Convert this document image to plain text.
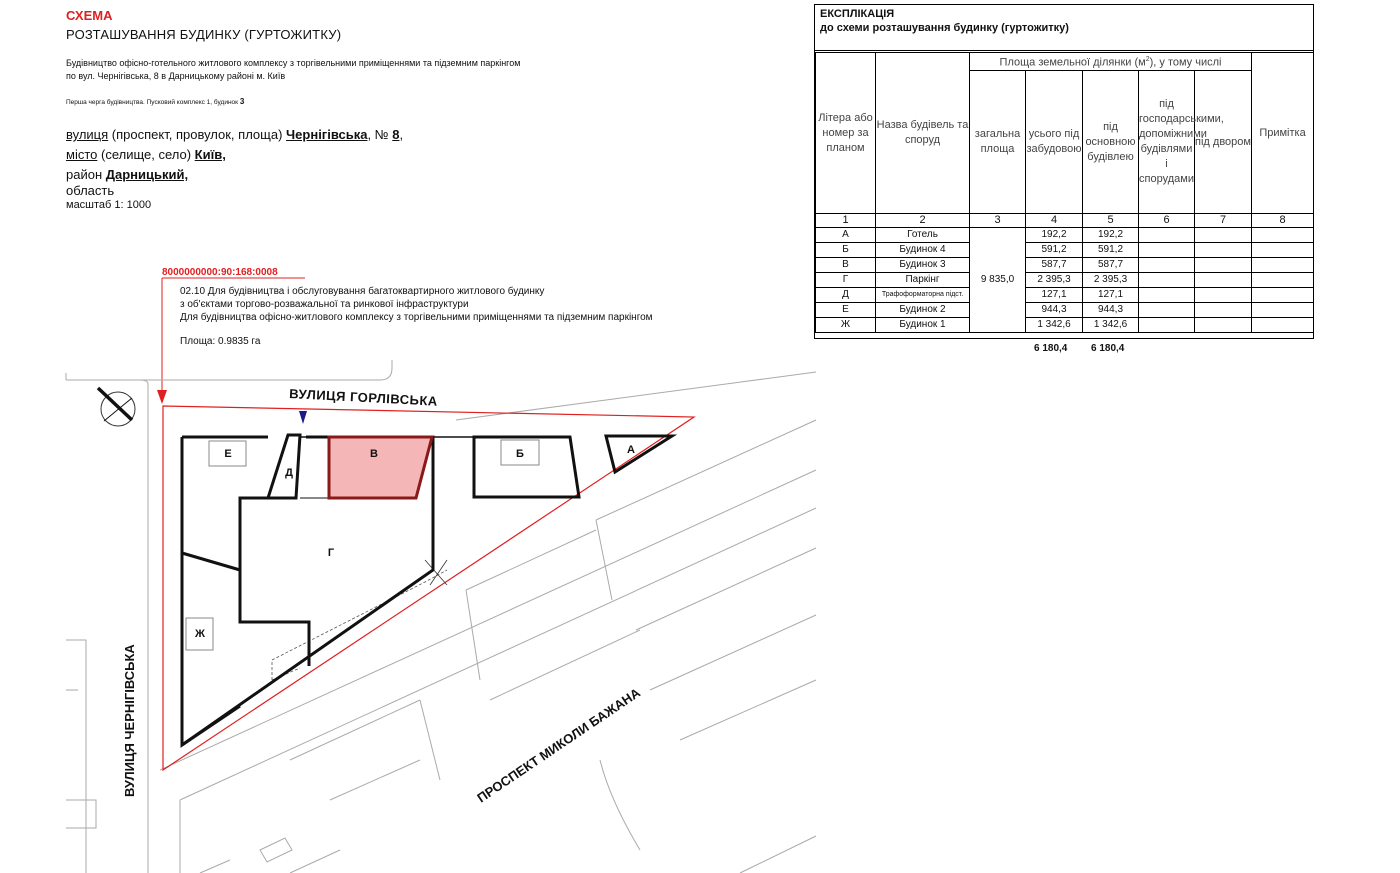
СХЕМА
РОЗТАШУВАННЯ БУДИНКУ (ГУРТОЖИТКУ)
Будівництво офісно-готельного житлового комплексу з торгівельними приміщеннями та підземним паркінгом
по вул. Чернігівська, 8 в Дарницькому районі м. Київ
Перша черга будівництва. Пусковий комплекс 1, будинок 3
вулиця (проспект, провулок, площа) Чернігівська, № 8,
місто (селище, село) Київ,
район Дарницький,
область
масштаб 1: 1000
8000000000:90:168:0008
02.10 Для будівництва і обслуговування багатоквартирного житлового будинку
з об'єктами торгово-розважальної та ринкової інфраструктури
Для будівництва офісно-житлового комплексу з торгівельними приміщеннями та підземним паркінгом
Площа: 0.9835 га
А
Б
В
Г
Д
Е
Ж
ВУЛИЦЯ ГОРЛІВСЬКА
ВУЛИЦЯ ЧЕРНІГІВСЬКА	ПРОСПЕКТ МИКОЛИ БАЖАНА
ЕКСПЛІКАЦІЯ
до схеми розташування будинку (гуртожитку)
Літера або номер за планом	Назва будівель та споруд	Площа земельної ділянки $(м^2)$, у тому числі					Примітка
		загальна площа	усього під забудовою	під основною будівлею	під господарськими, допоміжними будівлями і спорудами	під двором	
1	2	3	4	5	6	7	8
А	Готель	9 835,0	192,2	192,2			
Б	Будинок 4		591,2	591,2			
В	Будинок 3		587,7	587,7			
Г	Паркінг		2 395,3	2 395,3			
Д	Трафоформаторна підст.		127,1	127,1			
Е	Будинок 2		944,3	944,3			
Ж	Будинок 1		1 342,6	1 342,6			
6 180,4 6 180,4
